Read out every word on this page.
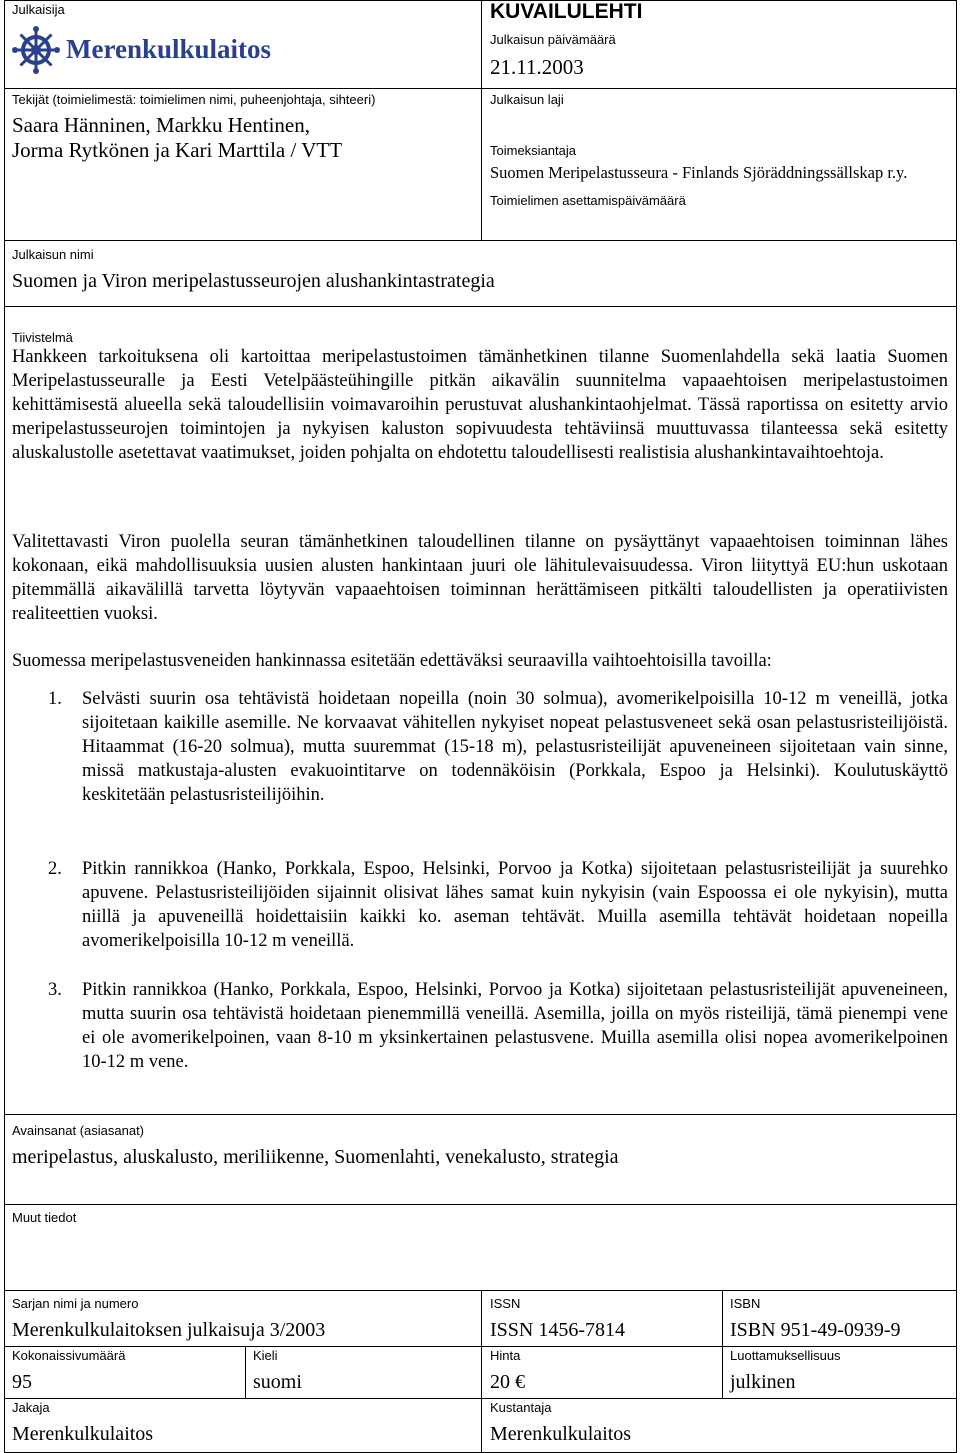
Julkaisija
Merenkulkulaitos
Tekijät (toimielimestä: toimielimen nimi, puheenjohtaja, sihteeri)
Saara Hänninen, Markku Hentinen,
Jorma Rytkönen ja Kari Marttila / VTT
KUVAILULEHTI
Julkaisun päivämäärä
21.11.2003
Julkaisun laji
Toimeksiantaja
Suomen Meripelastusseura - Finlands Sjöräddningssällskap r.y.
Toimielimen asettamispäivämäärä
Julkaisun nimi
Suomen ja Viron meripelastusseurojen alushankintastrategia
Tiivistelmä
Hankkeen tarkoituksena oli kartoittaa meripelastustoimen tämänhetkinen tilanne Suomenlahdella sekä laatia Suomen Meripelastusseuralle ja Eesti Vetelpäästeühingille pitkän aikavälin suunnitelma vapaaehtoisen meripelastustoimen kehittämisestä alueella sekä taloudellisiin voimavaroihin perustuvat alushankintaohjelmat. Tässä raportissa on esitetty arvio meripelastusseurojen toimintojen ja nykyisen kaluston sopivuudesta tehtäviinsä muuttuvassa tilanteessa sekä esitetty aluskalustolle asetettavat vaatimukset, joiden pohjalta on ehdotettu taloudellisesti realistisia alushankintavaihtoehtoja.
Valitettavasti Viron puolella seuran tämänhetkinen taloudellinen tilanne on pysäyttänyt vapaaehtoisen toiminnan lähes kokonaan, eikä mahdollisuuksia uusien alusten hankintaan juuri ole lähitulevaisuudessa. Viron liityttyä EU:hun uskotaan pitemmällä aikavälillä tarvetta löytyvän vapaaehtoisen toiminnan herättämiseen pitkälti taloudellisten ja operatiivisten realiteettien vuoksi.
Suomessa meripelastusveneiden hankinnassa esitetään edettäväksi seuraavilla vaihtoehtoisilla tavoilla:
1. Selvästi suurin osa tehtävistä hoidetaan nopeilla (noin 30 solmua), avomerikelpoisilla 10-12 m veneillä, jotka sijoitetaan kaikille asemille. Ne korvaavat vähitellen nykyiset nopeat pelastusveneet sekä osan pelastusristeilijöistä. Hitaammat (16-20 solmua), mutta suuremmat (15-18 m), pelastusristeilijät apuveneineen sijoitetaan vain sinne, missä matkustaja-alusten evakuointitarve on todennäköisin (Porkkala, Espoo ja Helsinki). Koulutuskäyttö keskitetään pelastusristeilijöihin.
2. Pitkin rannikkoa (Hanko, Porkkala, Espoo, Helsinki, Porvoo ja Kotka) sijoitetaan pelastusristeilijät ja suurehko apuvene. Pelastusristeilijöiden sijainnit olisivat lähes samat kuin nykyisin (vain Espoossa ei ole nykyisin), mutta niillä ja apuveneillä hoidettaisiin kaikki ko. aseman tehtävät. Muilla asemilla tehtävät hoidetaan nopeilla avomerikelpoisilla 10-12 m veneillä.
3. Pitkin rannikkoa (Hanko, Porkkala, Espoo, Helsinki, Porvoo ja Kotka) sijoitetaan pelastusristeilijät apuveneineen, mutta suurin osa tehtävistä hoidetaan pienemmillä veneillä. Asemilla, joilla on myös risteilijä, tämä pienempi vene ei ole avomerikelpoinen, vaan 8-10 m yksinkertainen pelastusvene. Muilla asemilla olisi nopea avomerikelpoinen 10-12 m vene.
Avainsanat (asiasanat)
meripelastus, aluskalusto, meriliikenne, Suomenlahti, venekalusto, strategia
Muut tiedot
Sarjan nimi ja numero
Merenkulkulaitoksen julkaisuja 3/2003
ISSN
ISSN 1456-7814
ISBN
ISBN 951-49-0939-9
Kokonaissivumäärä
95
Kieli
suomi
Hinta
20 €
Luottamuksellisuus
julkinen
Jakaja
Merenkulkulaitos
Kustantaja
Merenkulkulaitos
